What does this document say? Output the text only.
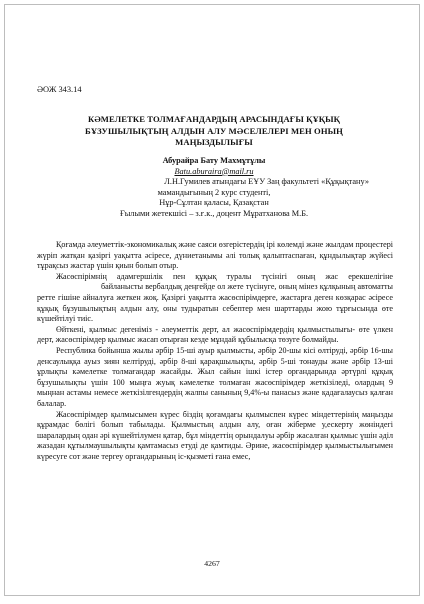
ӘОЖ 343.14
КӘМЕЛЕТКЕ ТОЛМАҒАНДАРДЫҢ АРАСЫНДАҒЫ ҚҰҚЫҚ
БҰЗУШЫЛЫҚТЫҢ АЛДЫН АЛУ МӘСЕЛЕЛЕРІ МЕН ОНЫҢ
МАҢЫЗДЫЛЫҒЫ
Абурайра Бату Махмұтұлы
Batu.aburaira@mail.ru
Л.Н.Гумилев атындағы ЕҰУ Заң факультеті «Құқықтану»
мамандығының 2 курс студенті,
Нұр-Сұлтан қаласы, Қазақстан
Ғылыми жетекшісі – з.ғ.к., доцент Мұратханова М.Б.

Қоғамда әлеуметтік-экономикалық және саяси өзгерістердің ірі көлемді және жылдам процестері жүріп жатқан қазіргі уақытта әсіресе, дүниетанымы әлі толық қалыптаспаған, құндылықтар жүйесі тұрақсыз жастар үшін қиын болып отыр.

Жасөспірімнің адамгершілік пен құқық туралы түсінігі оның жас ерекшелігіне байланысты вербалдық деңгейде ол жете түсінуге, оның мінез құлқының автоматты ретте гішіне айналуға жеткен жоқ. Қазіргі уақытта жасөспірімдерге, жастарға деген көзқарас әсіресе құқық бұзушылықтың алдын алу, оны тудыратын себептер мен шарттарды жою тұрғысында өте күшейтілуі тиіс.

Өйткені, қылмыс дегеніміз - әлеуметтік дерт, ал жасөспірімдердің қылмыстылығы- өте үлкен дерт, жасөспірімдер қылмыс жасап отырған кезде мұндай құбылысқа төзуге болмайды.

Республика бойынша жылы әрбір 15-ші ауыр қылмысты, әрбір 20-шы кісі өлтіруді, әрбір 16-шы денсаулыққа ауыз зиян келтіруді, әрбір 8-ші қарақшылықты, әрбір 5-ші тонауды және әрбір 13-ші ұрлықты кәмелетке толмағандар жасайды. Жыл сайын ішкі істер органдарында әртүрлі құқық бұзушылықты үшін 100 мыңға жуық кәмелетке толмаған жасөспірімдер жеткізіледі, олардың 9 мыңнан астамы немесе жеткізілгендердің жалпы санының 9,4%-ы панасыз және қадағалаусыз қалған балалар.

Жасөспірімдер қылмысымен күрес біздің қоғамдағы қылмыспен күрес міндеттерінің маңызды құрамдас бөлігі болып табылады. Қылмыстың алдын алу, оған жіберме у,ескерту жөніндегі шаралардың одан әрі күшейтілумен қатар, бұл міндеттің орындалуы әрбір жасалған қылмыс үшін әділ жазадан құтылмаушылықты қамтамасыз етуді де қамтиды. Әрине, жасөспірімдер қылмыстылығымен күресуге сот және тергеу органдарының іс-қызметі ғана емес,

4267
